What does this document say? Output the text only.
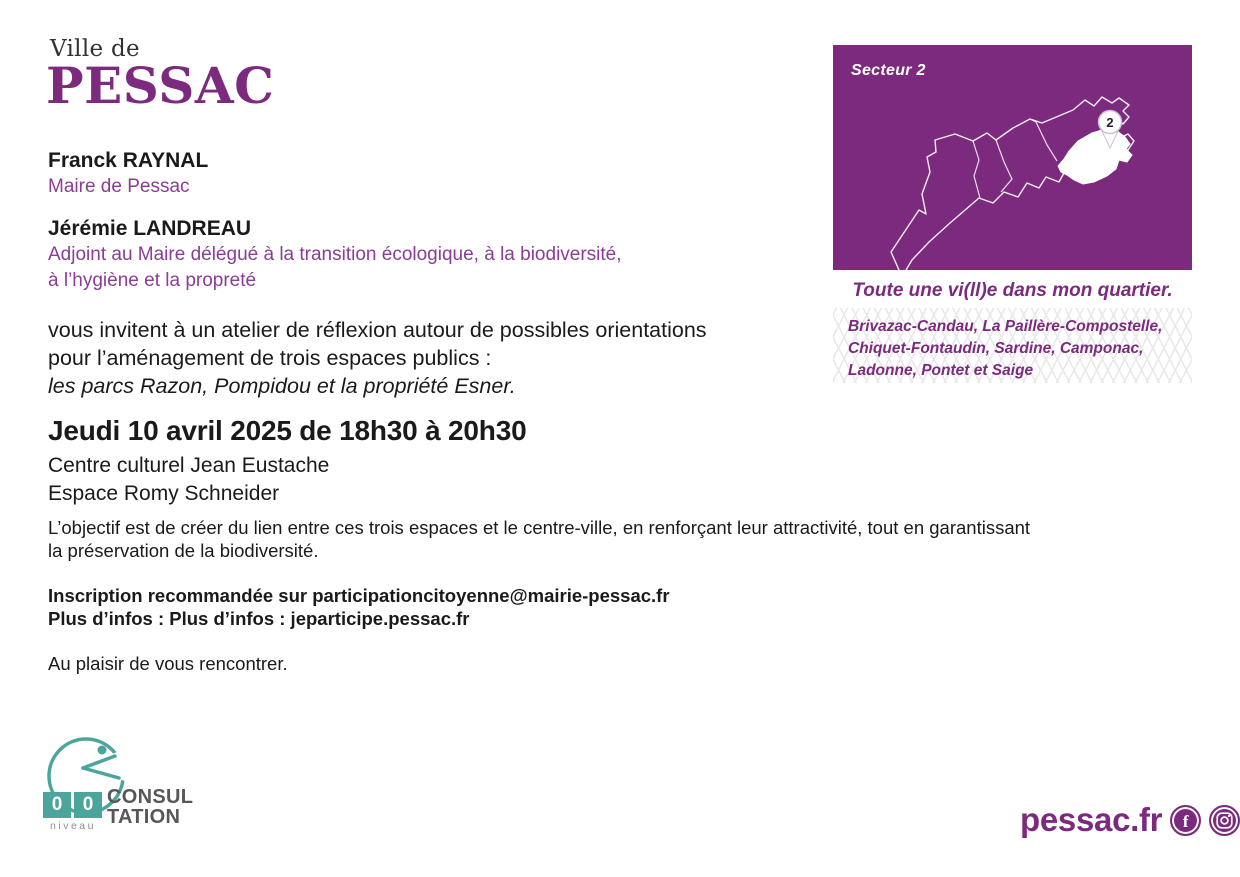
Ville de
PESSAC
Franck RAYNAL
Maire de Pessac
Jérémie LANDREAU
Adjoint au Maire délégué à la transition écologique, à la biodiversité,
à l’hygiène et la propreté
vous invitent à un atelier de réflexion autour de possibles orientations
pour l’aménagement de trois espaces publics :
les parcs Razon, Pompidou et la propriété Esner.
Jeudi 10 avril 2025 de 18h30 à 20h30
Centre culturel Jean Eustache
Espace Romy Schneider
L’objectif est de créer du lien entre ces trois espaces et le centre-ville, en renforçant leur attractivité, tout en garantissant
la préservation de la biodiversité.
Inscription recommandée sur participationcitoyenne@mairie-pessac.fr
Plus d’infos : Plus d’infos : jeparticipe.pessac.fr
Au plaisir de vous rencontrer.
2
Secteur 2
Toute une vi(ll)e dans mon quartier.
Brivazac-Candau, La Paillère-Compostelle,
Chiquet-Fontaudin, Sardine, Camponac,
Ladonne, Pontet et Saige
0	0
niveau
CONSUL
TATION	pessac.fr f
